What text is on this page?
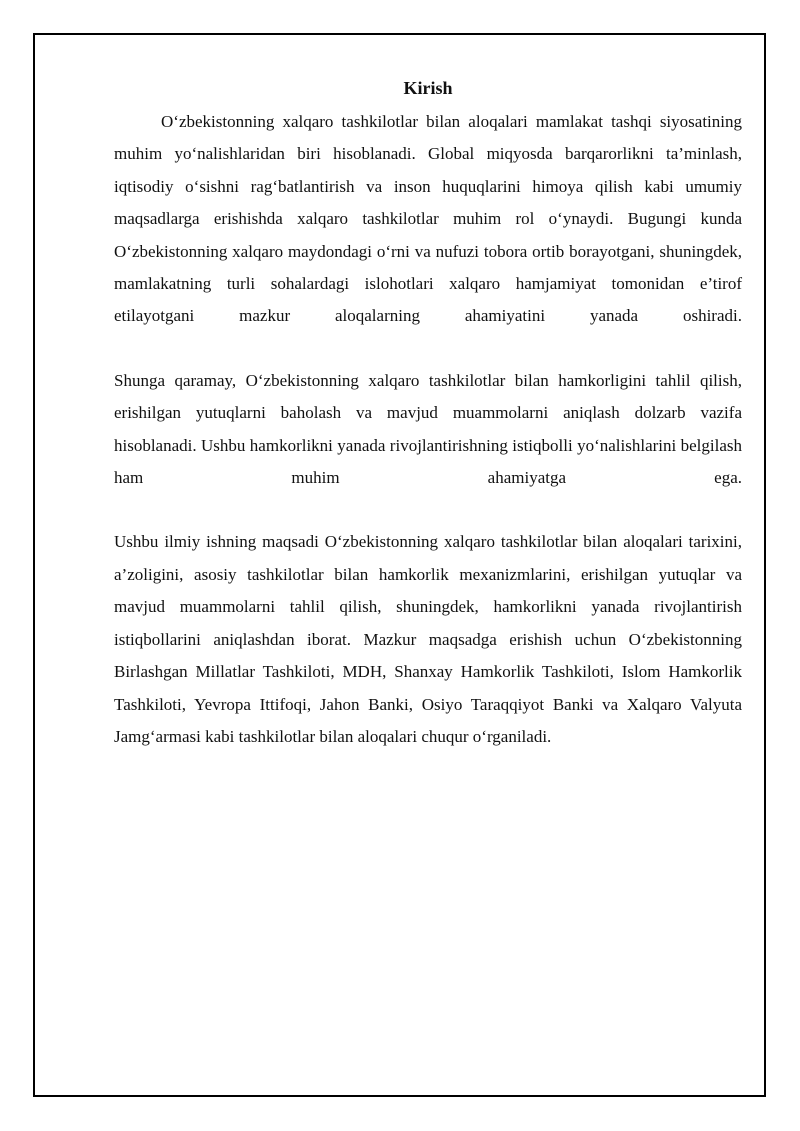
Kirish

O‘zbekistonning xalqaro tashkilotlar bilan aloqalari mamlakat tashqi siyosatining muhim yo‘nalishlaridan biri hisoblanadi. Global miqyosda barqarorlikni ta’minlash, iqtisodiy o‘sishni rag‘batlantirish va inson huquqlarini himoya qilish kabi umumiy maqsadlarga erishishda xalqaro tashkilotlar muhim rol o‘ynaydi. Bugungi kunda O‘zbekistonning xalqaro maydondagi o‘rni va nufuzi tobora ortib borayotgani, shuningdek, mamlakatning turli sohalardagi islohotlari xalqaro hamjamiyat tomonidan e’tirof etilayotgani mazkur aloqalarning ahamiyatini yanada oshiradi.

Shunga qaramay, O‘zbekistonning xalqaro tashkilotlar bilan hamkorligini tahlil qilish, erishilgan yutuqlarni baholash va mavjud muammolarni aniqlash dolzarb vazifa hisoblanadi. Ushbu hamkorlikni yanada rivojlantirishning istiqbolli yo‘nalishlarini belgilash ham muhim ahamiyatga ega.

Ushbu ilmiy ishning maqsadi O‘zbekistonning xalqaro tashkilotlar bilan aloqalari tarixini, a’zoligini, asosiy tashkilotlar bilan hamkorlik mexanizmlarini, erishilgan yutuqlar va mavjud muammolarni tahlil qilish, shuningdek, hamkorlikni yanada rivojlantirish istiqbollarini aniqlashdan iborat. Mazkur maqsadga erishish uchun O‘zbekistonning Birlashgan Millatlar Tashkiloti, MDH, Shanxay Hamkorlik Tashkiloti, Islom Hamkorlik Tashkiloti, Yevropa Ittifoqi, Jahon Banki, Osiyo Taraqqiyot Banki va Xalqaro Valyuta Jamg‘armasi kabi tashkilotlar bilan aloqalari chuqur o‘rganiladi.
